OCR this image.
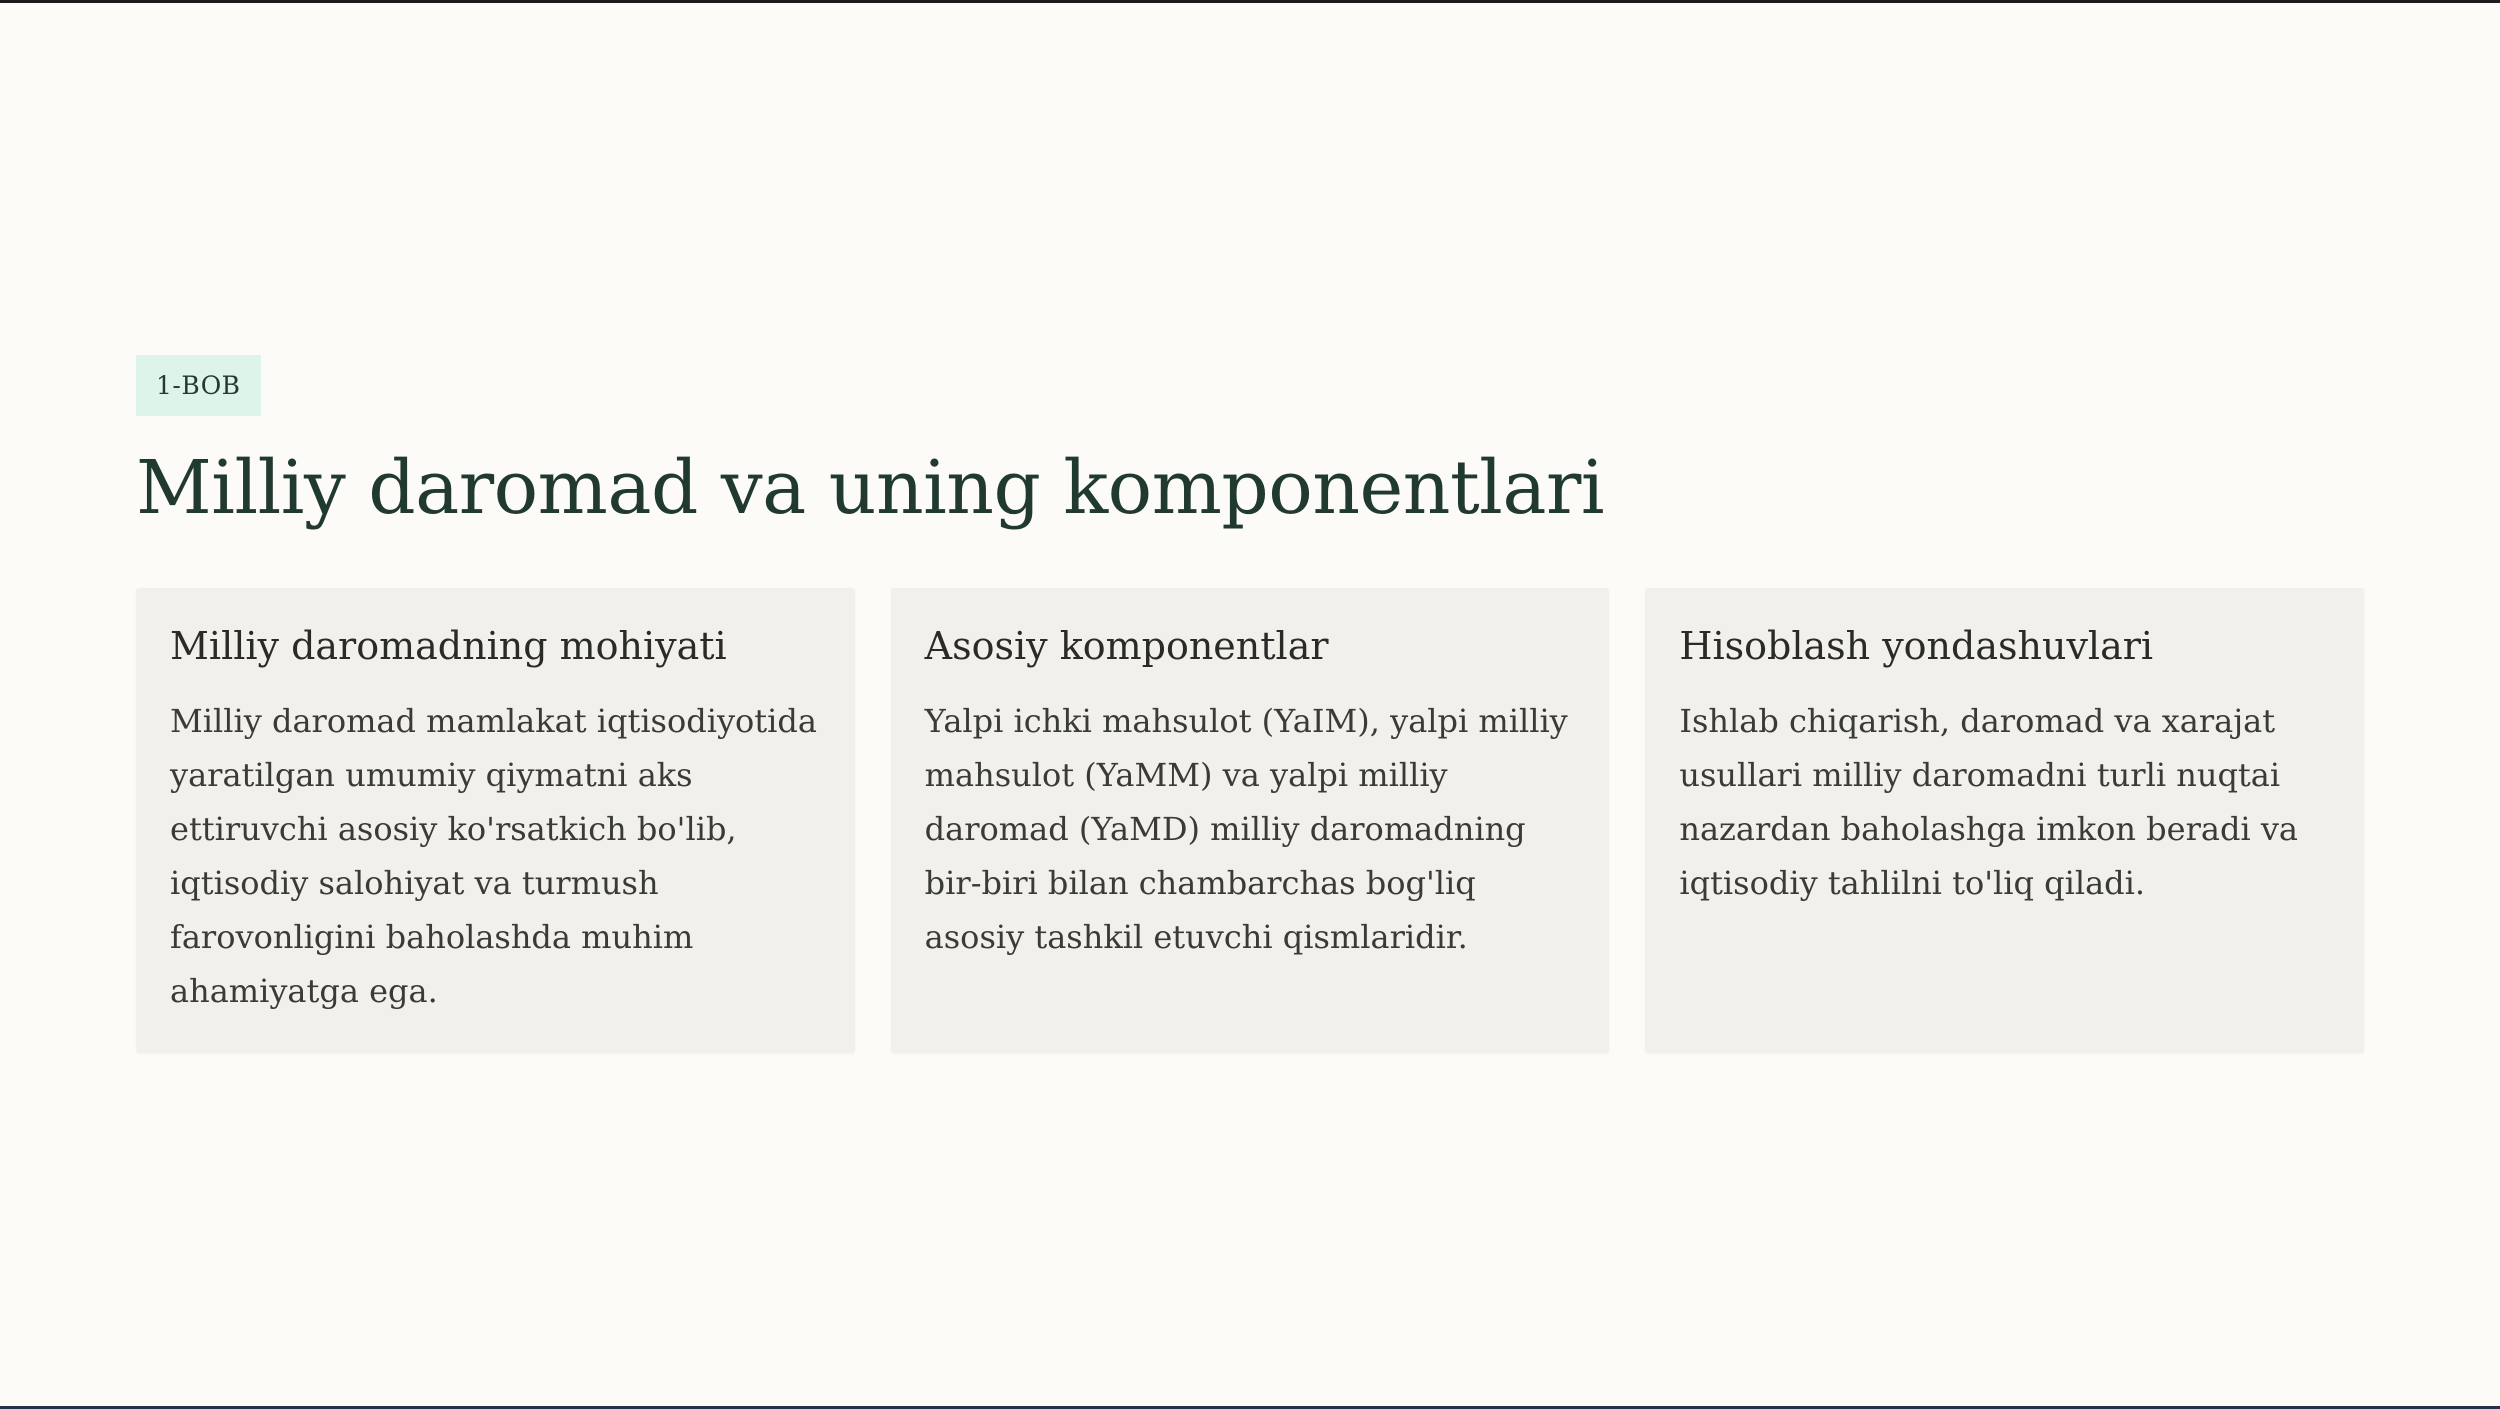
1-BOB
Milliy daromad va uning komponentlari
Milliy daromadning mohiyati

Milliy daromad mamlakat iqtisodiyotida yaratilgan umumiy qiymatni aks ettiruvchi asosiy ko'rsatkich bo'lib, iqtisodiy salohiyat va turmush farovonligini baholashda muhim ahamiyatga ega.

Asosiy komponentlar

Yalpi ichki mahsulot (YaIM), yalpi milliy mahsulot (YaMM) va yalpi milliy daromad (YaMD) milliy daromadning bir-biri bilan chambarchas bog'liq asosiy tashkil etuvchi qismlaridir.

Hisoblash yondashuvlari

Ishlab chiqarish, daromad va xarajat usullari milliy daromadni turli nuqtai nazardan baholashga imkon beradi va iqtisodiy tahlilni to'liq qiladi.
